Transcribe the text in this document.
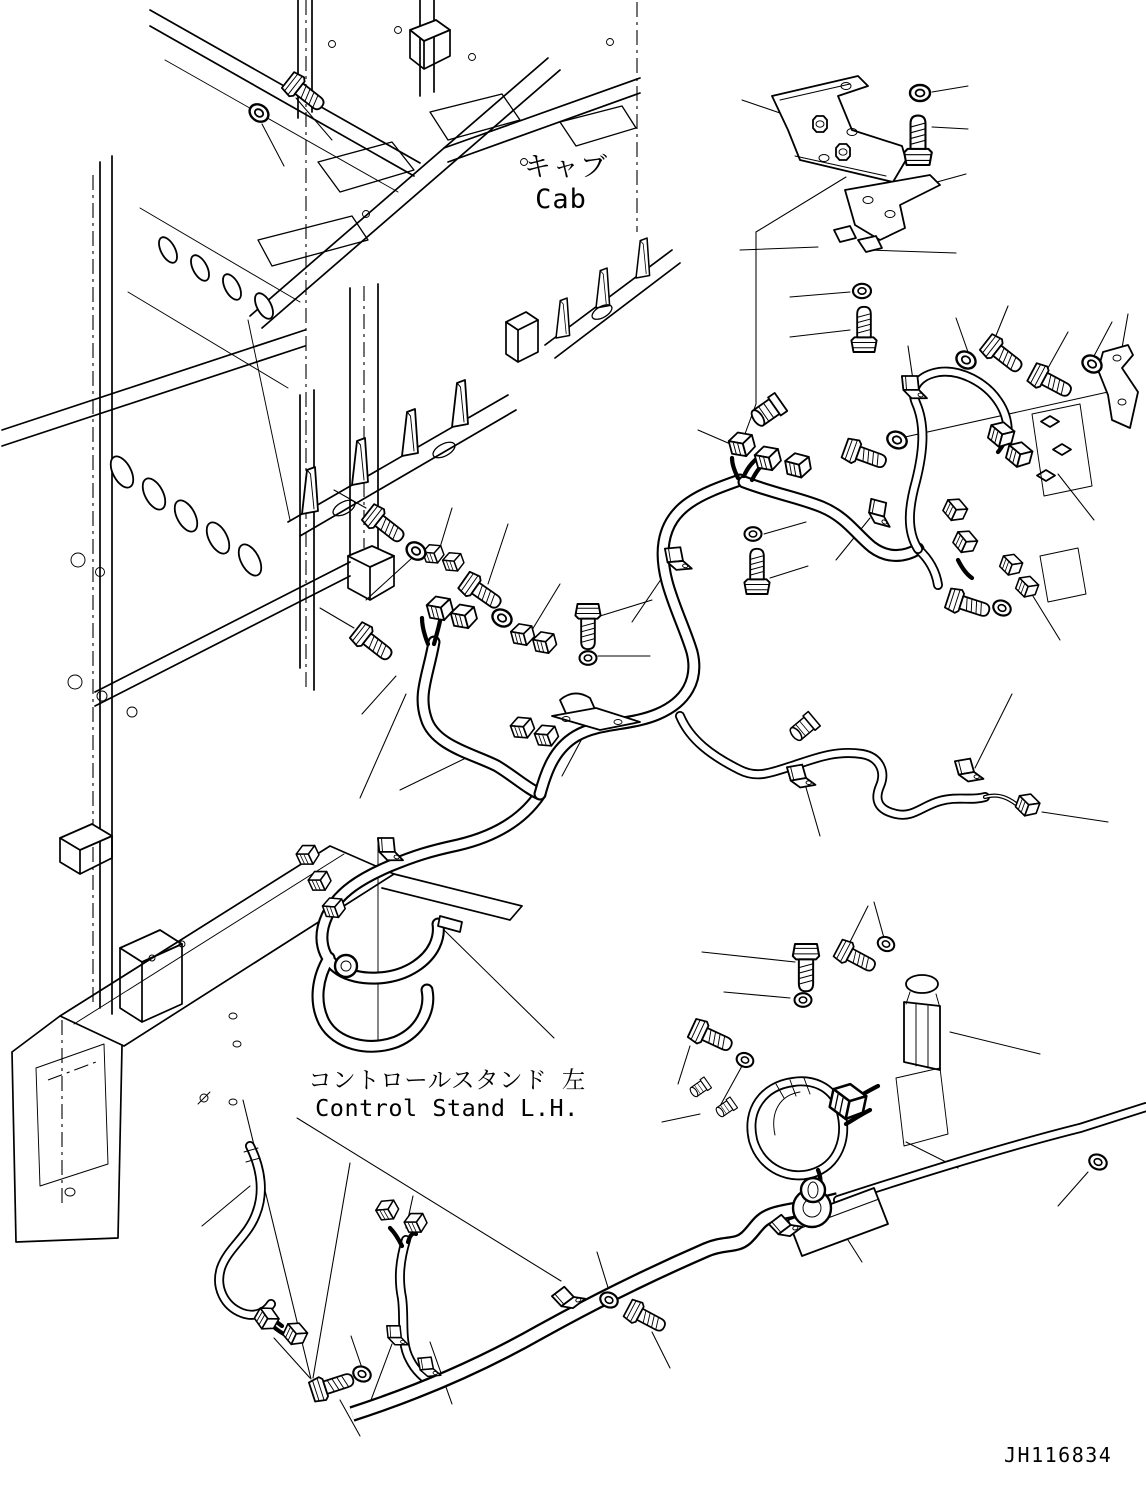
キャブ
Cab
コントロールスタンド 左
Control Stand L.H.
JH116834
